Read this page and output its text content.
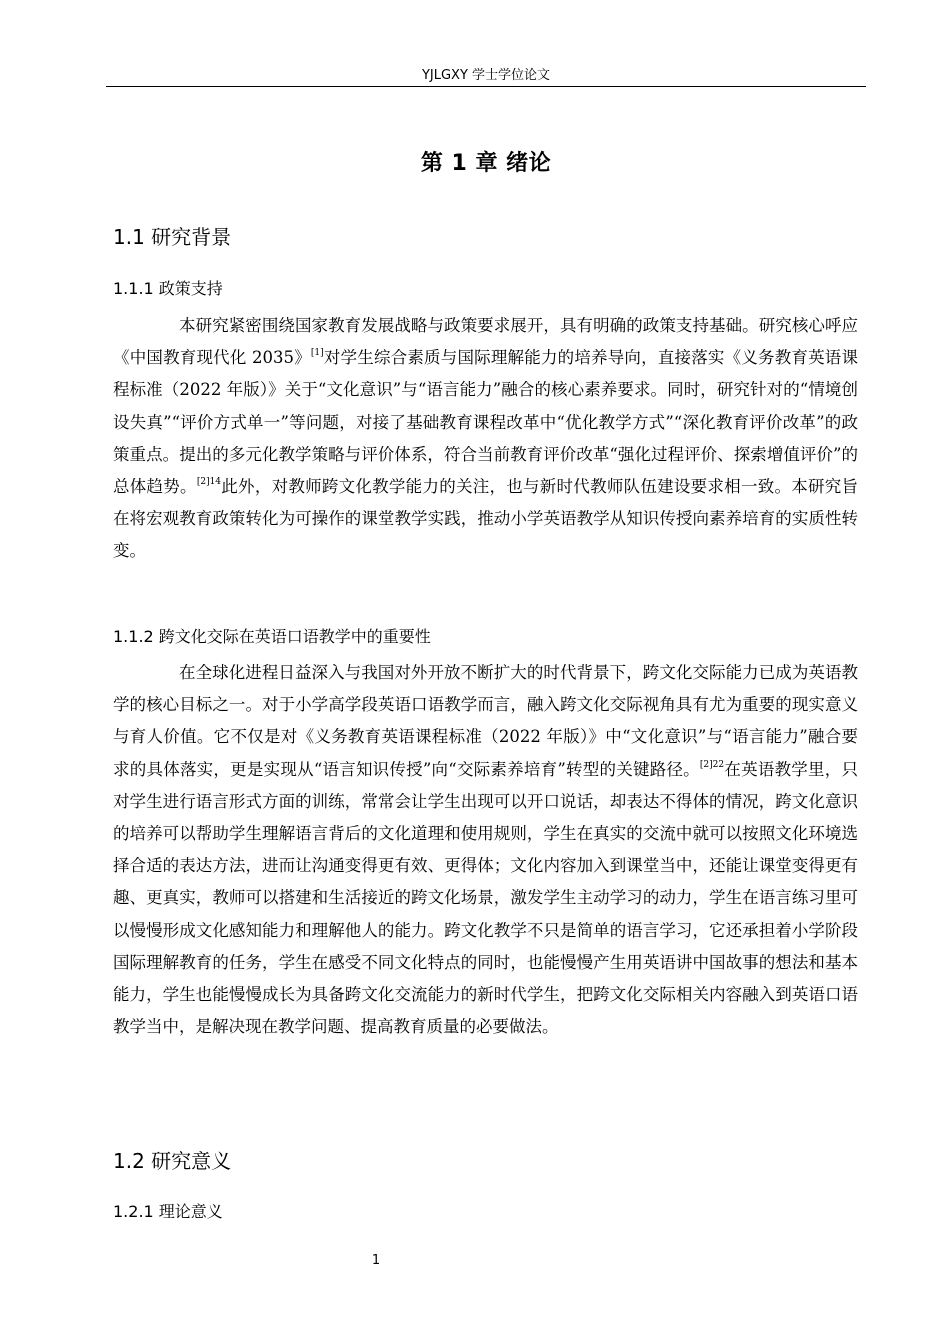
YJLGXY 学士学位论文
第 1 章 绪论
1.1 研究背景
1.1.1 政策支持

本研究紧密围绕国家教育发展战略与政策要求展开，具有明确的政策支持基础。研究核心呼应《中国教育现代化 2035》[1]对学生综合素质与国际理解能力的培养导向，直接落实《义务教育英语课程标准（2022 年版）》关于“文化意识”与“语言能力”融合的核心素养要求。同时，研究针对的“情境创设失真”“评价方式单一”等问题，对接了基础教育课程改革中“优化教学方式”“深化教育评价改革”的政策重点。提出的多元化教学策略与评价体系，符合当前教育评价改革“强化过程评价、探索增值评价”的总体趋势。$^{[2]14}$此外，对教师跨文化教学能力的关注，也与新时代教师队伍建设要求相一致。本研究旨在将宏观教育政策转化为可操作的课堂教学实践，推动小学英语教学从知识传授向素养培育的实质性转变。

1.1.2 跨文化交际在英语口语教学中的重要性

在全球化进程日益深入与我国对外开放不断扩大的时代背景下，跨文化交际能力已成为英语教学的核心目标之一。对于小学高学段英语口语教学而言，融入跨文化交际视角具有尤为重要的现实意义与育人价值。它不仅是对《义务教育英语课程标准（2022 年版）》中“文化意识”与“语言能力”融合要求的具体落实，更是实现从“语言知识传授”向“交际素养培育”转型的关键路径。$^{[2]22}$在英语教学里，只对学生进行语言形式方面的训练，常常会让学生出现可以开口说话，却表达不得体的情况，跨文化意识的培养可以帮助学生理解语言背后的文化道理和使用规则，学生在真实的交流中就可以按照文化环境选择合适的表达方法，进而让沟通变得更有效、更得体；文化内容加入到课堂当中，还能让课堂变得更有趣、更真实，教师可以搭建和生活接近的跨文化场景，激发学生主动学习的动力，学生在语言练习里可以慢慢形成文化感知能力和理解他人的能力。跨文化教学不只是简单的语言学习，它还承担着小学阶段国际理解教育的任务，学生在感受不同文化特点的同时，也能慢慢产生用英语讲中国故事的想法和基本能力，学生也能慢慢成长为具备跨文化交流能力的新时代学生，把跨文化交际相关内容融入到英语口语教学当中，是解决现在教学问题、提高教育质量的必要做法。

1.2 研究意义
1.2.1 理论意义
1
